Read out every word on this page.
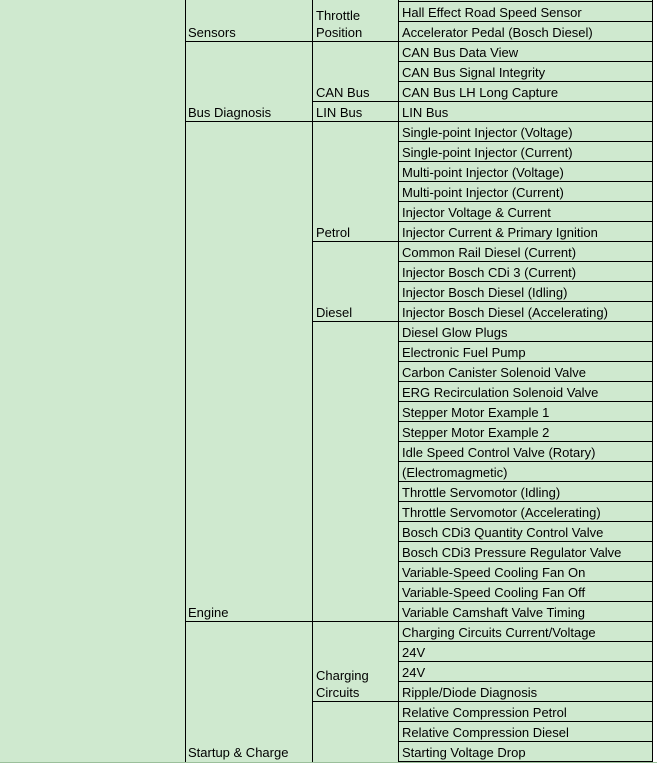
Sensors
Bus Diagnosis
Engine
Startup & Charge
Throttle
Position
CAN Bus
LIN Bus
Petrol
Diesel
Charging
Circuits
Hall Effect Road Speed Sensor
Accelerator Pedal (Bosch Diesel)
CAN Bus Data View
CAN Bus Signal Integrity
CAN Bus LH Long Capture
LIN Bus
Single-point Injector (Voltage)
Single-point Injector (Current)
Multi-point Injector (Voltage)
Multi-point Injector (Current)
Injector Voltage & Current
Injector Current & Primary Ignition
Common Rail Diesel (Current)
Injector Bosch CDi 3 (Current)
Injector Bosch Diesel (Idling)
Injector Bosch Diesel (Accelerating)
Diesel Glow Plugs
Electronic Fuel Pump
Carbon Canister Solenoid Valve
ERG Recirculation Solenoid Valve
Stepper Motor Example 1
Stepper Motor Example 2
Idle Speed Control Valve (Rotary)
(Electromagmetic)
Throttle Servomotor (Idling)
Throttle Servomotor (Accelerating)
Bosch CDi3 Quantity Control Valve
Bosch CDi3 Pressure Regulator Valve
Variable-Speed Cooling Fan On
Variable-Speed Cooling Fan Off
Variable Camshaft Valve Timing
Charging Circuits Current/Voltage
24V
24V
Ripple/Diode Diagnosis
Relative Compression Petrol
Relative Compression Diesel
Starting Voltage Drop
